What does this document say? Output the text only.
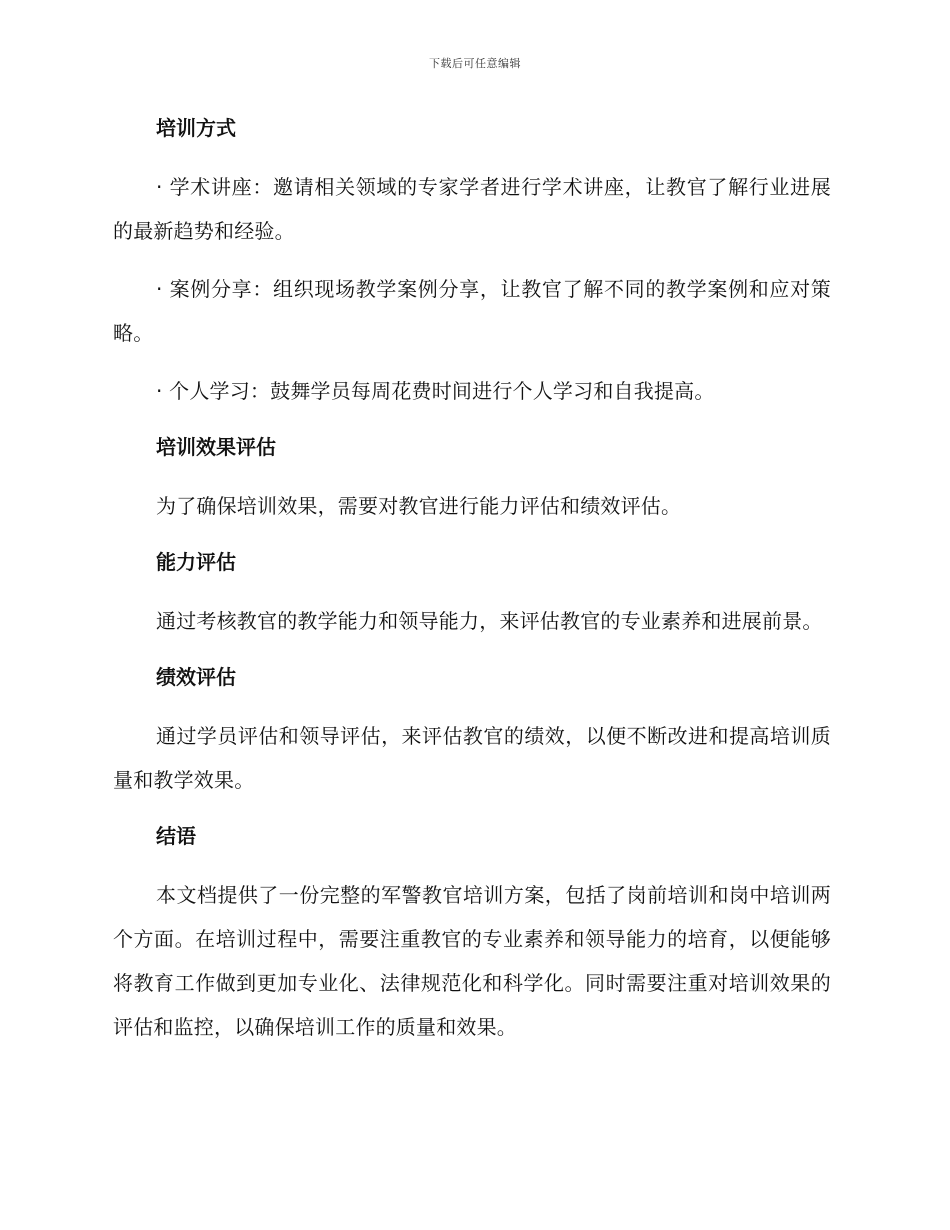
下载后可任意编辑
培训方式
· 学术讲座：邀请相关领域的专家学者进行学术讲座，让教官了解行业进展的最新趋势和经验。
· 案例分享：组织现场教学案例分享，让教官了解不同的教学案例和应对策略。
· 个人学习：鼓舞学员每周花费时间进行个人学习和自我提高。
培训效果评估
为了确保培训效果，需要对教官进行能力评估和绩效评估。
能力评估
通过考核教官的教学能力和领导能力，来评估教官的专业素养和进展前景。
绩效评估
通过学员评估和领导评估，来评估教官的绩效，以便不断改进和提高培训质量和教学效果。
结语
本文档提供了一份完整的军警教官培训方案，包括了岗前培训和岗中培训两个方面。在培训过程中，需要注重教官的专业素养和领导能力的培育，以便能够将教育工作做到更加专业化、法律规范化和科学化。同时需要注重对培训效果的评估和监控，以确保培训工作的质量和效果。
